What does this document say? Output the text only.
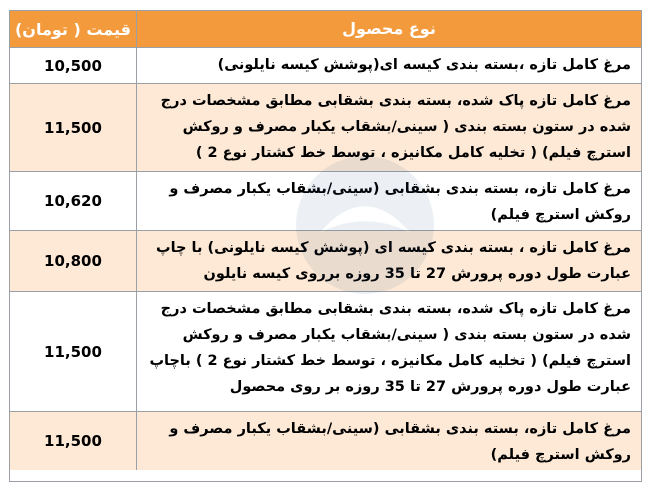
قیمت ( تومان)	نوع محصول
10,500	مرغ کامل تازه ،بسته بندی کیسه ای(پوشش کیسه نایلونی)
11,500
مرغ کامل تازه پاک شده، بسته بندی بشقابی مطابق مشخصات درج شده در ستون بسته بندی ( سینی/بشقاب یکبار مصرف و روکش استرچ فیلم) ( تخلیه کامل مکانیزه ، توسط خط کشتار نوع 2 )
10,620
مرغ کامل تازه، بسته بندی بشقابی (سینی/بشقاب یکبار مصرف و روکش استرچ فیلم)
10,800
مرغ کامل تازه ، بسته بندی کیسه ای (پوشش کیسه نایلونی) با چاپ عبارت طول دوره پرورش 27 تا 35 روزه برروی کیسه نایلون
11,500
مرغ کامل تازه پاک شده، بسته بندی بشقابی مطابق مشخصات درج شده در ستون بسته بندی ( سینی/بشقاب یکبار مصرف و روکش استرچ فیلم) ( تخلیه کامل مکانیزه ، توسط خط کشتار نوع 2 ) باچاپ عبارت طول دوره پرورش 27 تا 35 روزه بر روی محصول
11,500
مرغ کامل تازه، بسته بندی بشقابی (سینی/بشقاب یکبار مصرف و روکش استرچ فیلم)
